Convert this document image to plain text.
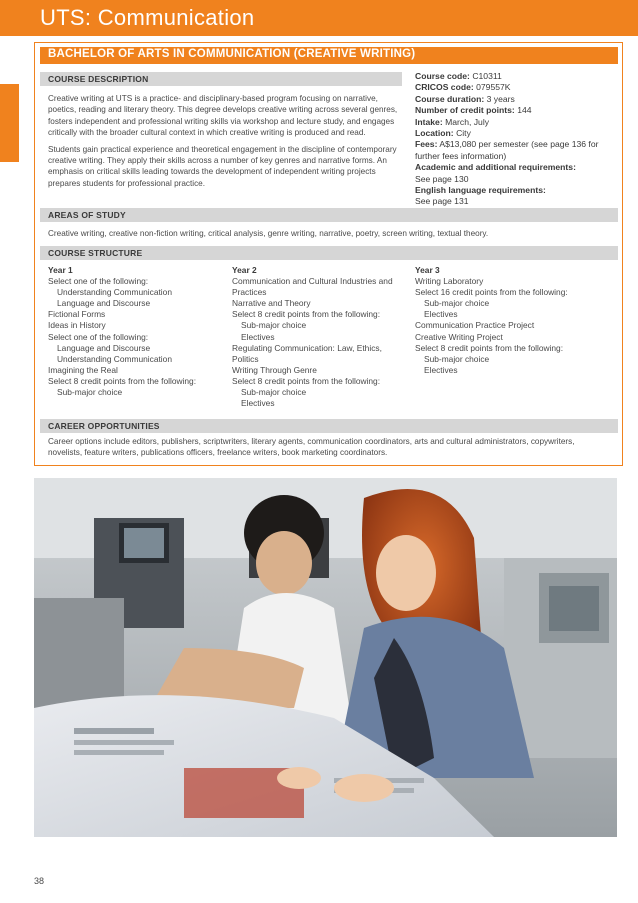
UTS: Communication
BACHELOR OF ARTS IN COMMUNICATION (CREATIVE WRITING)
COURSE DESCRIPTION

Creative writing at UTS is a practice- and disciplinary-based program focusing on narrative, poetics, reading and literary theory. This degree develops creative writing across several genres, fosters independent and professional writing skills via workshop and lecture study, and engages critically with the broader cultural context in which creative writing is produced and read.

Students gain practical experience and theoretical engagement in the discipline of contemporary creative writing. They apply their skills across a number of key genres and narrative forms. An emphasis on critical skills leading towards the development of independent writing projects prepares students for professional practice.

Course code: C10311
CRICOS code: 079557K
Course duration: 3 years
Number of credit points: 144
Intake: March, July
Location: City
Fees: A$13,080 per semester (see page 136 for further fees information)
Academic and additional requirements:
See page 130
English language requirements:
See page 131
AREAS OF STUDY
Creative writing, creative non-fiction writing, critical analysis, genre writing, narrative, poetry, screen writing, textual theory.
COURSE STRUCTURE
Year 1
Select one of the following:
Understanding Communication
Language and Discourse
Fictional Forms
Ideas in History
Select one of the following:
Language and Discourse
Understanding Communication
Imagining the Real
Select 8 credit points from the following:
Sub-major choice
Year 2
Communication and Cultural Industries and Practices
Narrative and Theory
Select 8 credit points from the following:
Sub-major choice
Electives
Regulating Communication: Law, Ethics, Politics
Writing Through Genre
Select 8 credit points from the following:
Sub-major choice
Electives
Year 3
Writing Laboratory
Select 16 credit points from the following:
Sub-major choice
Electives
Communication Practice Project
Creative Writing Project
Select 8 credit points from the following:
Sub-major choice
Electives
CAREER OPPORTUNITIES
Career options include editors, publishers, scriptwriters, literary agents, communication coordinators, arts and cultural administrators, copywriters, novelists, feature writers, publications officers, freelance writers, book marketing coordinators.
38
